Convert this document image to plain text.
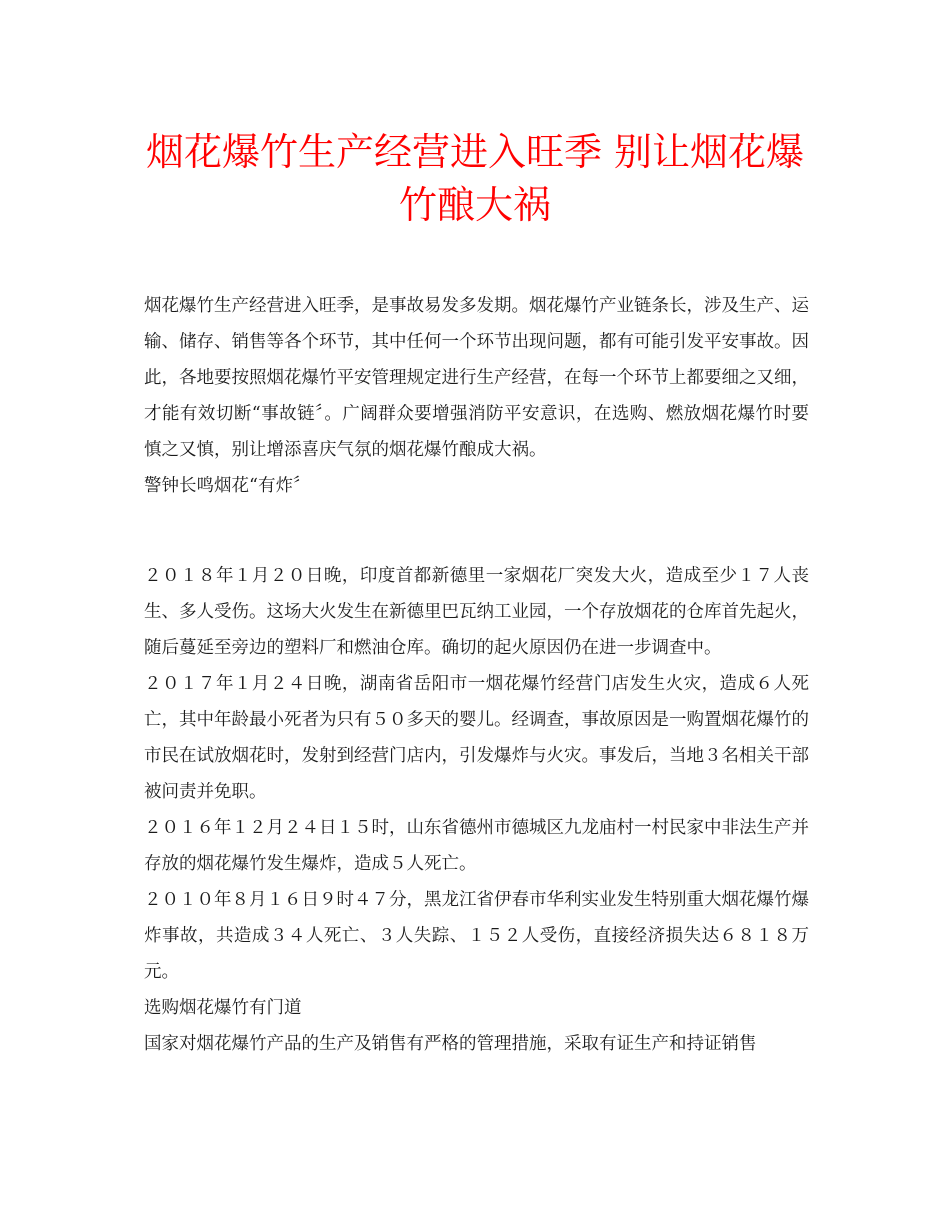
烟花爆竹生产经营进入旺季 别让烟花爆竹酿大祸

烟花爆竹生产经营进入旺季，是事故易发多发期。烟花爆竹产业链条长，涉及生产、运输、储存、销售等各个环节，其中任何一个环节出现问题，都有可能引发平安事故。因此，各地要按照烟花爆竹平安管理规定进行生产经营，在每一个环节上都要细之又细，才能有效切断“事故链〞。广阔群众要增强消防平安意识，在选购、燃放烟花爆竹时要慎之又慎，别让增添喜庆气氛的烟花爆竹酿成大祸。

警钟长鸣烟花“有炸〞

２０１８年１月２０日晚，印度首都新德里一家烟花厂突发大火，造成至少１７人丧生、多人受伤。这场大火发生在新德里巴瓦纳工业园，一个存放烟花的仓库首先起火，随后蔓延至旁边的塑料厂和燃油仓库。确切的起火原因仍在进一步调查中。

２０１７年１月２４日晚，湖南省岳阳市一烟花爆竹经营门店发生火灾，造成６人死亡，其中年龄最小死者为只有５０多天的婴儿。经调查，事故原因是一购置烟花爆竹的市民在试放烟花时，发射到经营门店内，引发爆炸与火灾。事发后，当地３名相关干部被问责并免职。

２０１６年１２月２４日１５时，山东省德州市德城区九龙庙村一村民家中非法生产并存放的烟花爆竹发生爆炸，造成５人死亡。

２０１０年８月１６日９时４７分，黑龙江省伊春市华利实业发生特别重大烟花爆竹爆炸事故，共造成３４人死亡、３人失踪、１５２人受伤，直接经济损失达６８１８万元。

选购烟花爆竹有门道

国家对烟花爆竹产品的生产及销售有严格的管理措施，采取有证生产和持证销售
